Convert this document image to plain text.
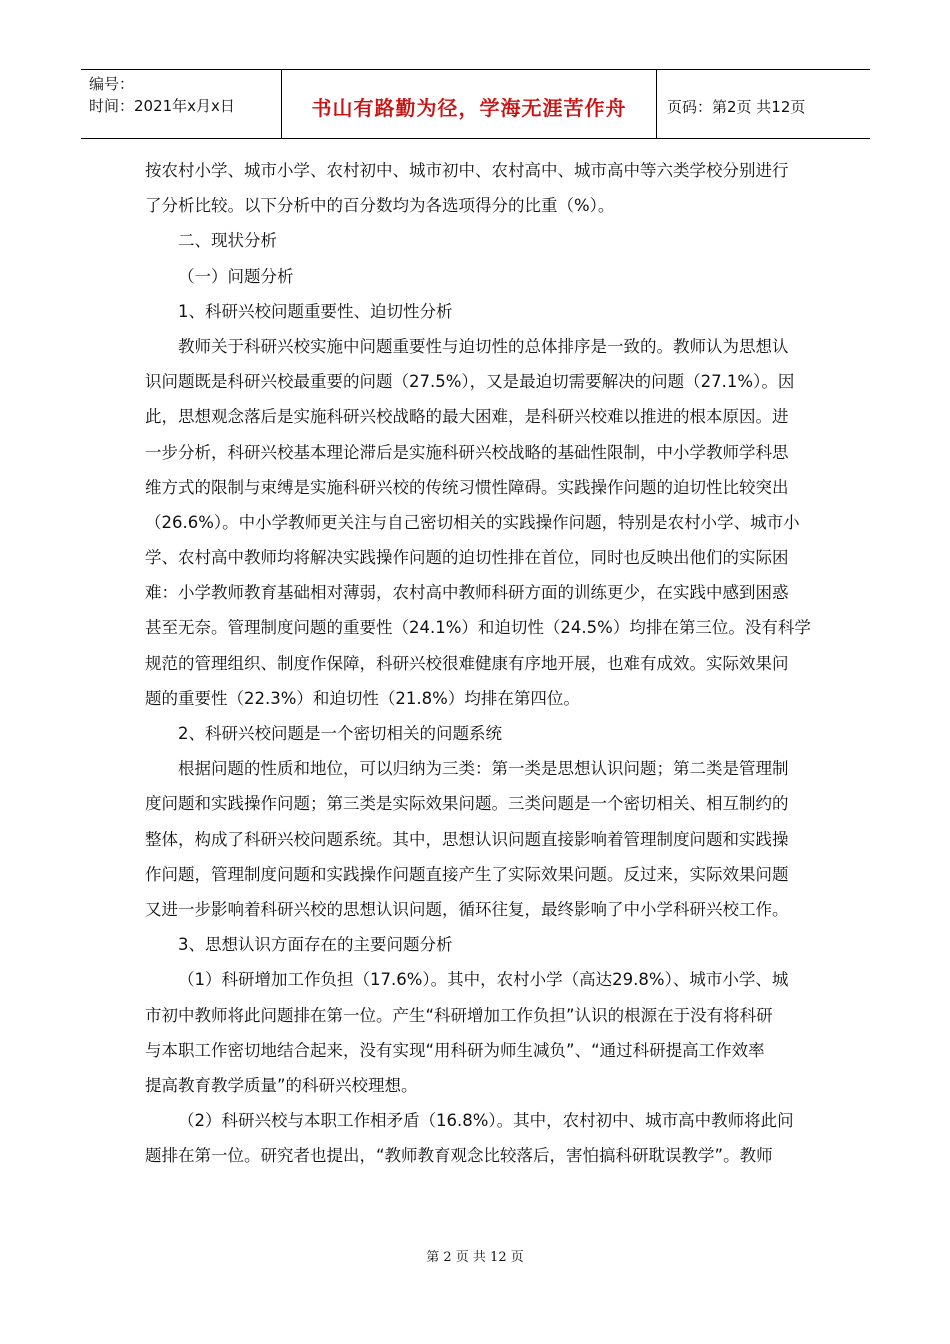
编号：
时间：2021年x月x日	书山有路勤为径，学海无涯苦作舟	页码：第2页 共12页
按农村小学、城市小学、农村初中、城市初中、农村高中、城市高中等六类学校分别进行
了分析比较。以下分析中的百分数均为各选项得分的比重（%）。
二、现状分析
（一）问题分析
1、科研兴校问题重要性、迫切性分析
教师关于科研兴校实施中问题重要性与迫切性的总体排序是一致的。教师认为思想认
识问题既是科研兴校最重要的问题（27.5%），又是最迫切需要解决的问题（27.1%）。因
此，思想观念落后是实施科研兴校战略的最大困难，是科研兴校难以推进的根本原因。进
一步分析，科研兴校基本理论滞后是实施科研兴校战略的基础性限制，中小学教师学科思
维方式的限制与束缚是实施科研兴校的传统习惯性障碍。实践操作问题的迫切性比较突出
（26.6%）。中小学教师更关注与自己密切相关的实践操作问题，特别是农村小学、城市小
学、农村高中教师均将解决实践操作问题的迫切性排在首位，同时也反映出他们的实际困
难：小学教师教育基础相对薄弱，农村高中教师科研方面的训练更少，在实践中感到困惑
甚至无奈。管理制度问题的重要性（24.1%）和迫切性（24.5%）均排在第三位。没有科学
规范的管理组织、制度作保障，科研兴校很难健康有序地开展，也难有成效。实际效果问
题的重要性（22.3%）和迫切性（21.8%）均排在第四位。
2、科研兴校问题是一个密切相关的问题系统
根据问题的性质和地位，可以归纳为三类：第一类是思想认识问题；第二类是管理制
度问题和实践操作问题；第三类是实际效果问题。三类问题是一个密切相关、相互制约的
整体，构成了科研兴校问题系统。其中，思想认识问题直接影响着管理制度问题和实践操
作问题，管理制度问题和实践操作问题直接产生了实际效果问题。反过来，实际效果问题
又进一步影响着科研兴校的思想认识问题，循环往复，最终影响了中小学科研兴校工作。
3、思想认识方面存在的主要问题分析
（1）科研增加工作负担（17.6%）。其中，农村小学（高达29.8%）、城市小学、城
市初中教师将此问题排在第一位。产生“科研增加工作负担”认识的根源在于没有将科研
与本职工作密切地结合起来，没有实现“用科研为师生减负”、“通过科研提高工作效率
提高教育教学质量”的科研兴校理想。
（2）科研兴校与本职工作相矛盾（16.8%）。其中，农村初中、城市高中教师将此问
题排在第一位。研究者也提出，“教师教育观念比较落后，害怕搞科研耽误教学”。教师
第 2 页 共 12 页
